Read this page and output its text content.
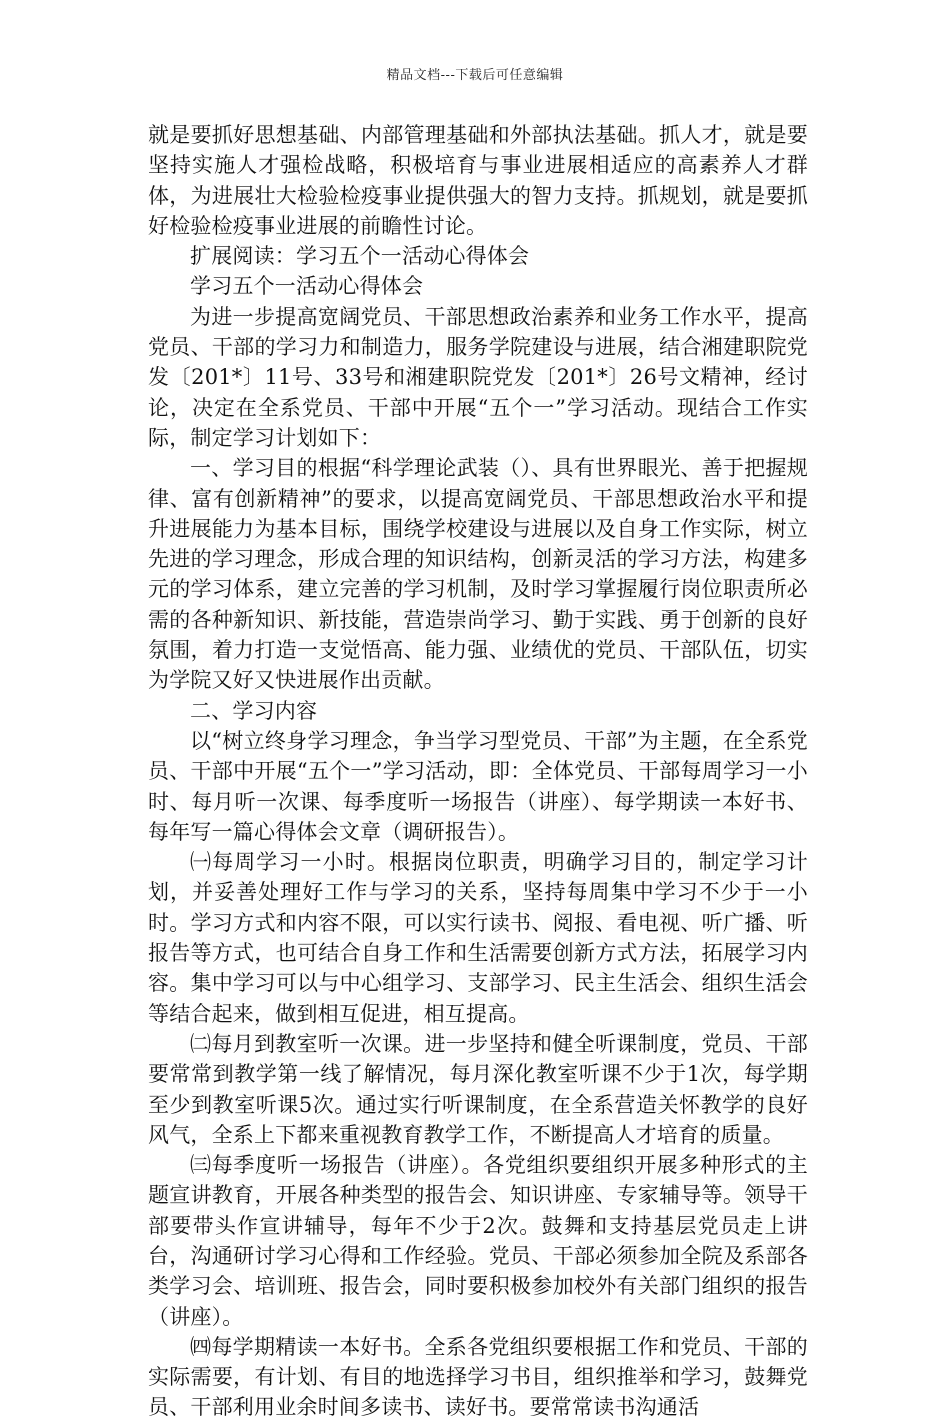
精品文档---下载后可任意编辑

就是要抓好思想基础、内部管理基础和外部执法基础。抓人才，就是要坚持实施人才强检战略，积极培育与事业进展相适应的高素养人才群体，为进展壮大检验检疫事业提供强大的智力支持。抓规划，就是要抓好检验检疫事业进展的前瞻性讨论。

扩展阅读：学习五个一活动心得体会

学习五个一活动心得体会

为进一步提高宽阔党员、干部思想政治素养和业务工作水平，提高党员、干部的学习力和制造力，服务学院建设与进展，结合湘建职院党发〔201*〕11号、33号和湘建职院党发〔201*〕26号文精神，经讨论，决定在全系党员、干部中开展“五个一”学习活动。现结合工作实际，制定学习计划如下：

一、学习目的根据“科学理论武装（）、具有世界眼光、善于把握规律、富有创新精神”的要求，以提高宽阔党员、干部思想政治水平和提升进展能力为基本目标，围绕学校建设与进展以及自身工作实际，树立先进的学习理念，形成合理的知识结构，创新灵活的学习方法，构建多元的学习体系，建立完善的学习机制，及时学习掌握履行岗位职责所必需的各种新知识、新技能，营造崇尚学习、勤于实践、勇于创新的良好氛围，着力打造一支觉悟高、能力强、业绩优的党员、干部队伍，切实为学院又好又快进展作出贡献。

二、学习内容

以“树立终身学习理念，争当学习型党员、干部”为主题，在全系党员、干部中开展“五个一”学习活动，即：全体党员、干部每周学习一小时、每月听一次课、每季度听一场报告（讲座）、每学期读一本好书、每年写一篇心得体会文章（调研报告）。

㈠每周学习一小时。根据岗位职责，明确学习目的，制定学习计划，并妥善处理好工作与学习的关系，坚持每周集中学习不少于一小时。学习方式和内容不限，可以实行读书、阅报、看电视、听广播、听报告等方式，也可结合自身工作和生活需要创新方式方法，拓展学习内容。集中学习可以与中心组学习、支部学习、民主生活会、组织生活会等结合起来，做到相互促进，相互提高。

㈡每月到教室听一次课。进一步坚持和健全听课制度，党员、干部要常常到教学第一线了解情况，每月深化教室听课不少于1次，每学期至少到教室听课5次。通过实行听课制度，在全系营造关怀教学的良好风气，全系上下都来重视教育教学工作，不断提高人才培育的质量。

㈢每季度听一场报告（讲座）。各党组织要组织开展多种形式的主题宣讲教育，开展各种类型的报告会、知识讲座、专家辅导等。领导干部要带头作宣讲辅导，每年不少于2次。鼓舞和支持基层党员走上讲台，沟通研讨学习心得和工作经验。党员、干部必须参加全院及系部各类学习会、培训班、报告会，同时要积极参加校外有关部门组织的报告（讲座）。

㈣每学期精读一本好书。全系各党组织要根据工作和党员、干部的实际需要，有计划、有目的地选择学习书目，组织推举和学习，鼓舞党员、干部利用业余时间多读书、读好书。要常常读书沟通活
